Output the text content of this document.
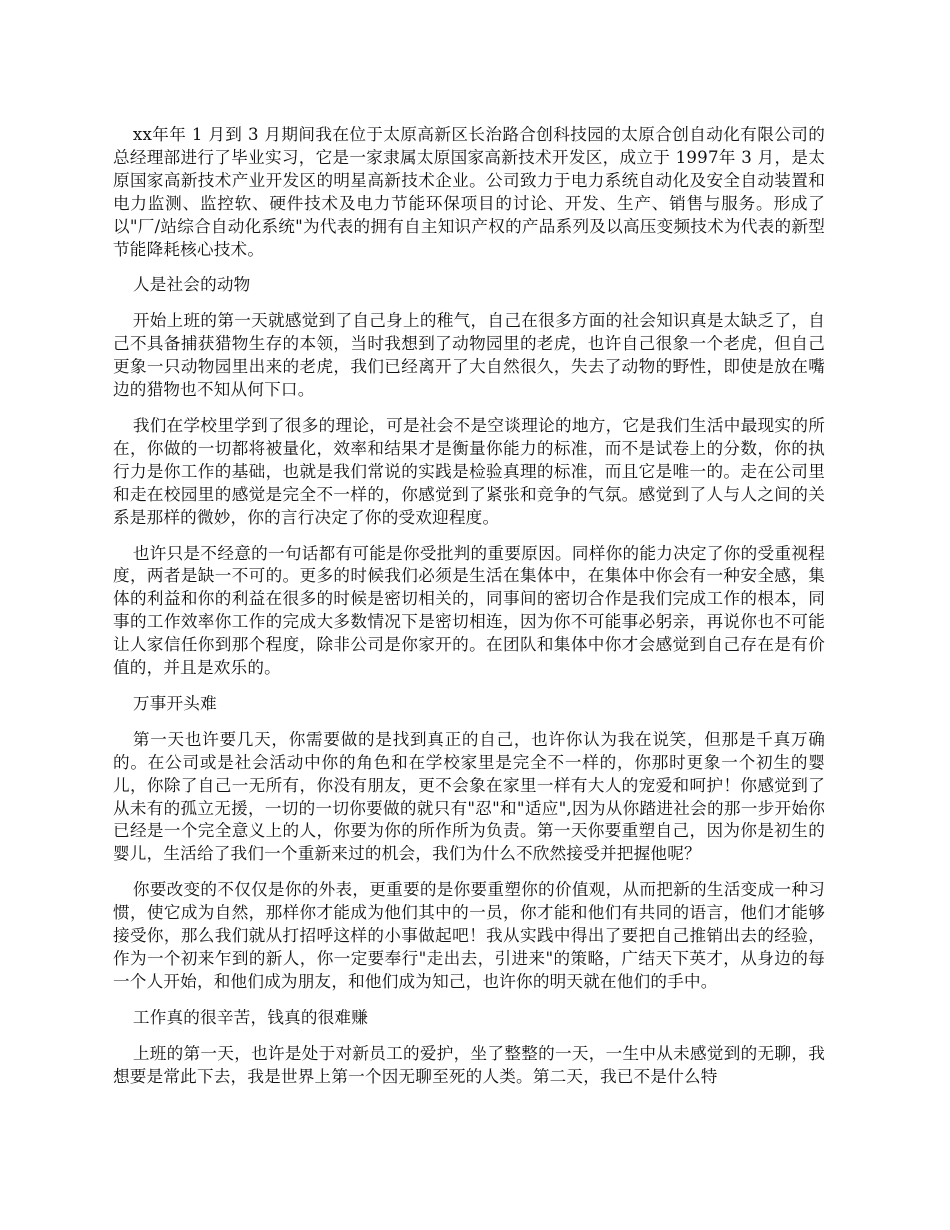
xx年年 1 月到 3 月期间我在位于太原高新区长治路合创科技园的太原合创自动化有限公司的总经理部进行了毕业实习，它是一家隶属太原国家高新技术开发区，成立于 1997年 3 月，是太原国家高新技术产业开发区的明星高新技术企业。公司致力于电力系统自动化及安全自动装置和电力监测、监控软、硬件技术及电力节能环保项目的讨论、开发、生产、销售与服务。形成了以"厂/站综合自动化系统"为代表的拥有自主知识产权的产品系列及以高压变频技术为代表的新型节能降耗核心技术。

人是社会的动物

开始上班的第一天就感觉到了自己身上的稚气，自己在很多方面的社会知识真是太缺乏了，自己不具备捕获猎物生存的本领，当时我想到了动物园里的老虎，也许自己很象一个老虎，但自己更象一只动物园里出来的老虎，我们已经离开了大自然很久，失去了动物的野性，即使是放在嘴边的猎物也不知从何下口。

我们在学校里学到了很多的理论，可是社会不是空谈理论的地方，它是我们生活中最现实的所在，你做的一切都将被量化，效率和结果才是衡量你能力的标准，而不是试卷上的分数，你的执行力是你工作的基础，也就是我们常说的实践是检验真理的标准，而且它是唯一的。走在公司里和走在校园里的感觉是完全不一样的，你感觉到了紧张和竞争的气氛。感觉到了人与人之间的关系是那样的微妙，你的言行决定了你的受欢迎程度。

也许只是不经意的一句话都有可能是你受批判的重要原因。同样你的能力决定了你的受重视程度，两者是缺一不可的。更多的时候我们必须是生活在集体中，在集体中你会有一种安全感，集体的利益和你的利益在很多的时候是密切相关的，同事间的密切合作是我们完成工作的根本，同事的工作效率你工作的完成大多数情况下是密切相连，因为你不可能事必躬亲，再说你也不可能让人家信任你到那个程度，除非公司是你家开的。在团队和集体中你才会感觉到自己存在是有价值的，并且是欢乐的。

万事开头难

第一天也许要几天，你需要做的是找到真正的自己，也许你认为我在说笑，但那是千真万确的。在公司或是社会活动中你的角色和在学校家里是完全不一样的，你那时更象一个初生的婴儿，你除了自己一无所有，你没有朋友，更不会象在家里一样有大人的宠爱和呵护！你感觉到了从未有的孤立无援，一切的一切你要做的就只有"忍"和"适应",因为从你踏进社会的那一步开始你已经是一个完全意义上的人，你要为你的所作所为负责。第一天你要重塑自己，因为你是初生的婴儿，生活给了我们一个重新来过的机会，我们为什么不欣然接受并把握他呢？

你要改变的不仅仅是你的外表，更重要的是你要重塑你的价值观，从而把新的生活变成一种习惯，使它成为自然，那样你才能成为他们其中的一员，你才能和他们有共同的语言，他们才能够接受你，那么我们就从打招呼这样的小事做起吧！我从实践中得出了要把自己推销出去的经验，作为一个初来乍到的新人，你一定要奉行"走出去，引进来"的策略，广结天下英才，从身边的每一个人开始，和他们成为朋友，和他们成为知己，也许你的明天就在他们的手中。

工作真的很辛苦，钱真的很难赚

上班的第一天，也许是处于对新员工的爱护，坐了整整的一天，一生中从未感觉到的无聊，我想要是常此下去，我是世界上第一个因无聊至死的人类。第二天，我已不是什么特
